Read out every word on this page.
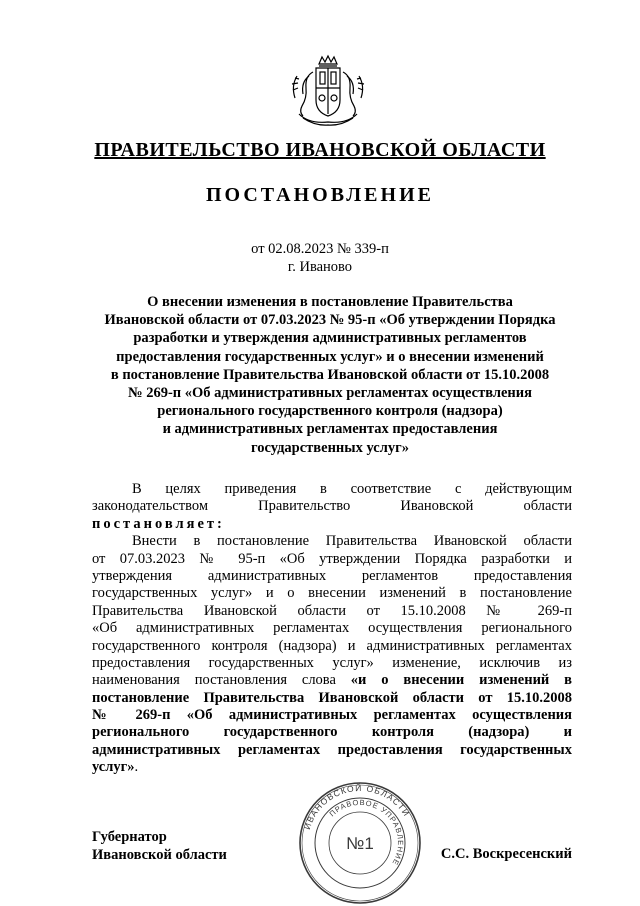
ПРАВИТЕЛЬСТВО ИВАНОВСКОЙ ОБЛАСТИ
ПОСТАНОВЛЕНИЕ
от 02.08.2023 № 339-п
г. Иваново
О внесении изменения в постановление Правительства
Ивановской области от 07.03.2023 № 95-п «Об утверждении Порядка
разработки и утверждения административных регламентов
предоставления государственных услуг» и о внесении изменений
в постановление Правительства Ивановской области от 15.10.2008
№ 269-п «Об административных регламентах осуществления
регионального государственного контроля (надзора)
и административных регламентах предоставления
государственных услуг»
В целях приведения в соответствие с действующим
законодательством Правительство Ивановской области
постановляет:
Внести в постановление Правительства Ивановской области
от 07.03.2023 № 95-п «Об утверждении Порядка разработки и
утверждения административных регламентов предоставления
государственных услуг» и о внесении изменений в постановление
Правительства Ивановской области от 15.10.2008 № 269-п
«Об административных регламентах осуществления регионального
государственного контроля (надзора) и административных регламентах
предоставления государственных услуг» изменение, исключив из
наименования постановления слова «и о внесении изменений в
постановление Правительства Ивановской области от 15.10.2008
№ 269-п «Об административных регламентах осуществления
регионального государственного контроля (надзора) и
административных регламентах предоставления государственных
услуг».
Губернатор
Ивановской области
ИВАНОВСКОЙ ОБЛАСТИ
ПРАВОВОЕ УПРАВЛЕНИЕ
№1
С.С. Воскресенский
